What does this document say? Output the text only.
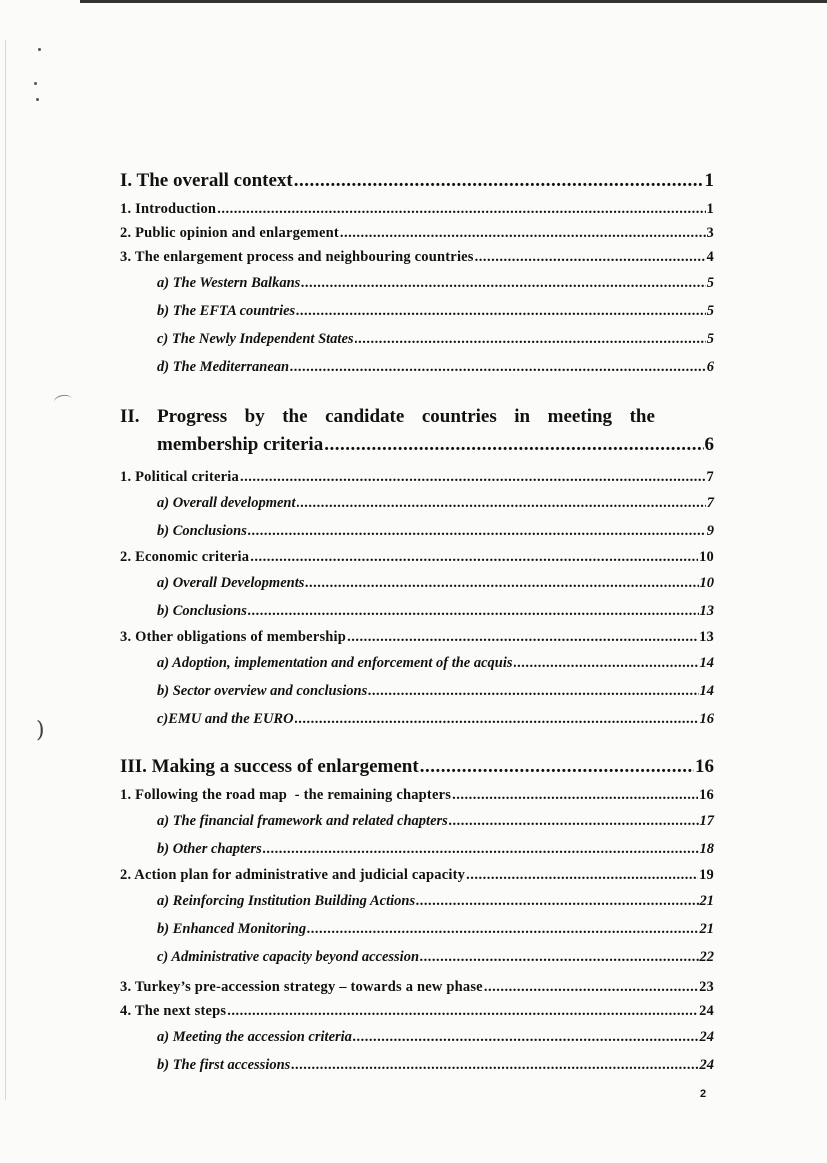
)
I. The overall context .....	1
1. Introduction .....	1
2. Public opinion and enlargement .....	3
3. The enlargement process and neighbouring countries .....	4
a) The Western Balkans .....	5
b) The EFTA countries .....	5
c) The Newly Independent States .....	5
d) The Mediterranean .....	6
II. Progress by the candidate countries in meeting the
membership criteria .....	6
1. Political criteria .....	7
a) Overall development .....	7
b) Conclusions .....	9
2. Economic criteria .....	10
a) Overall Developments .....	10
b) Conclusions .....	13
3. Other obligations of membership .....	13
a) Adoption, implementation and enforcement of the acquis .....	14
b) Sector overview and conclusions .....	14
c)EMU and the EURO .....	16
III. Making a success of enlargement .....	16
1. Following the road map  - the remaining chapters .....	16
a) The financial framework and related chapters .....	17
b) Other chapters .....	18
2. Action plan for administrative and judicial capacity .....	19
a) Reinforcing Institution Building Actions .....	21
b) Enhanced Monitoring .....	21
c) Administrative capacity beyond accession .....	22
3. Turkey’s pre-accession strategy – towards a new phase .....	23
4. The next steps .....	24
a) Meeting the accession criteria .....	24
b) The first accessions .....	24
2
